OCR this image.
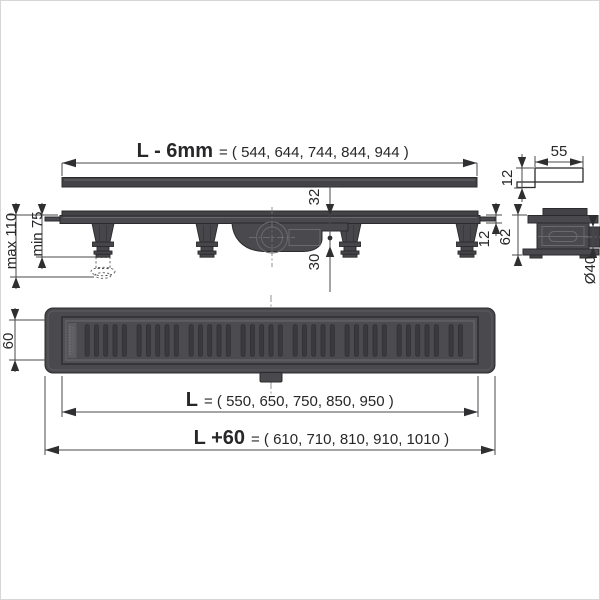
L - 6mm = ( 544, 644, 744, 844, 944 )	55
12
max 110 min 75
32
30
12 62
Ø40
60
L = ( 550, 650, 750, 850, 950 )
L +60 = ( 610, 710, 810, 910, 1010 )
